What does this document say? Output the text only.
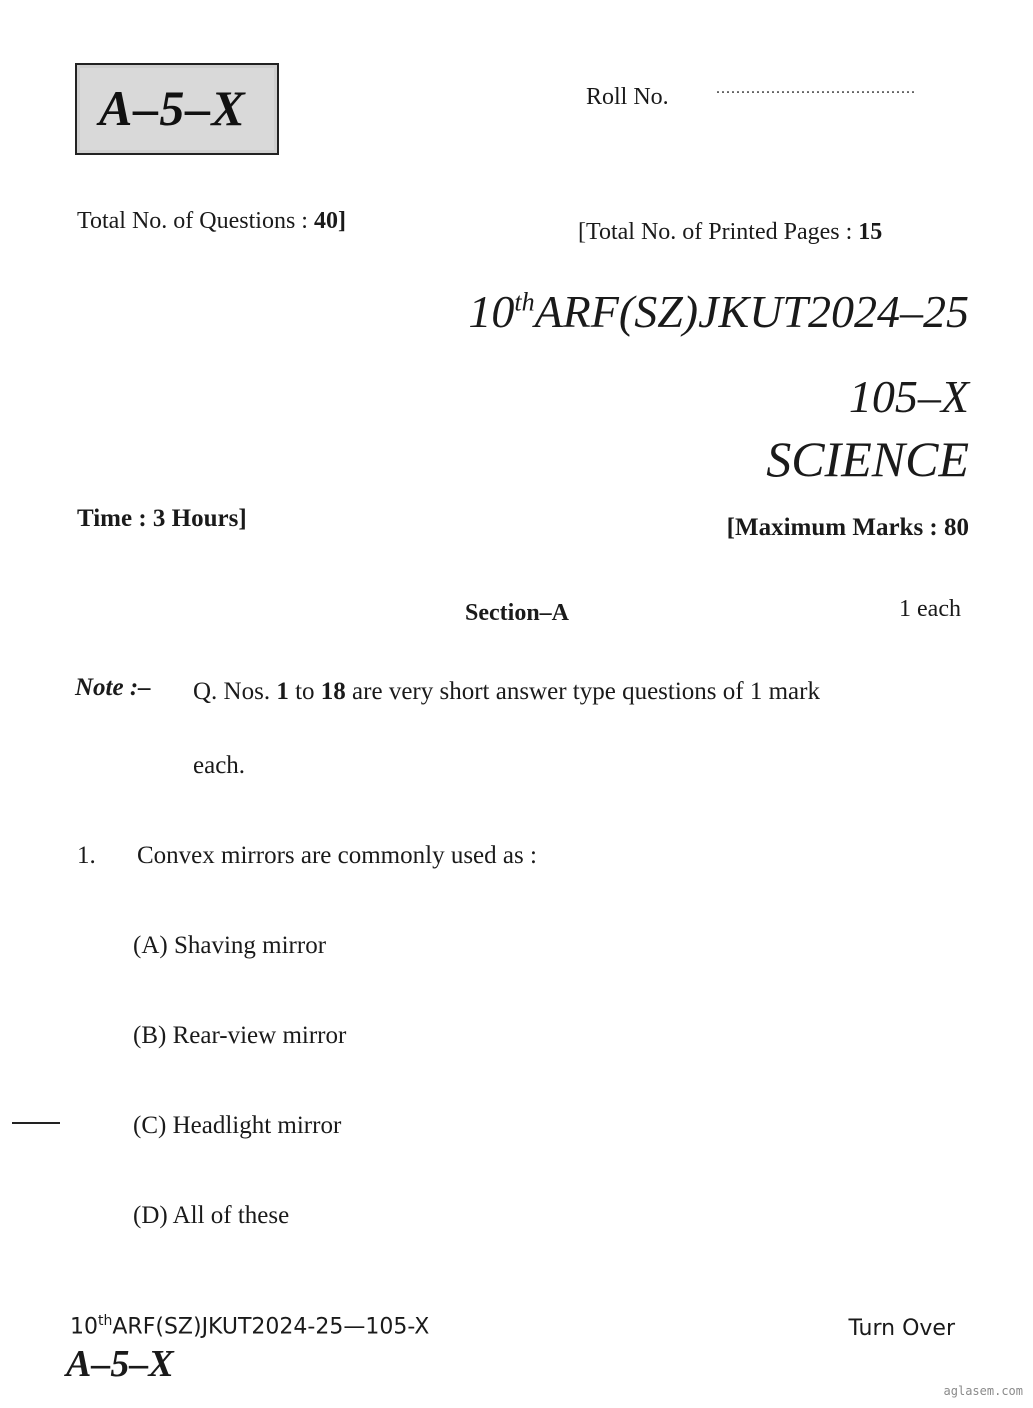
A–5–X	Roll No.	........................................
Total No. of Questions : 40]	[Total No. of Printed Pages : 15
10thARF(SZ)JKUT2024–25
105–X
SCIENCE
Time : 3 Hours]	[Maximum Marks : 80
Section–A	1 each
Note :– Q. Nos. 1 to 18 are very short answer type questions of 1 mark
each.
1. Convex mirrors are commonly used as :
(A) Shaving mirror
(B) Rear-view mirror
(C) Headlight mirror
(D) All of these
10thARF(SZ)JKUT2024-25—105-X	Turn Over
A–5–X
aglasem.com
